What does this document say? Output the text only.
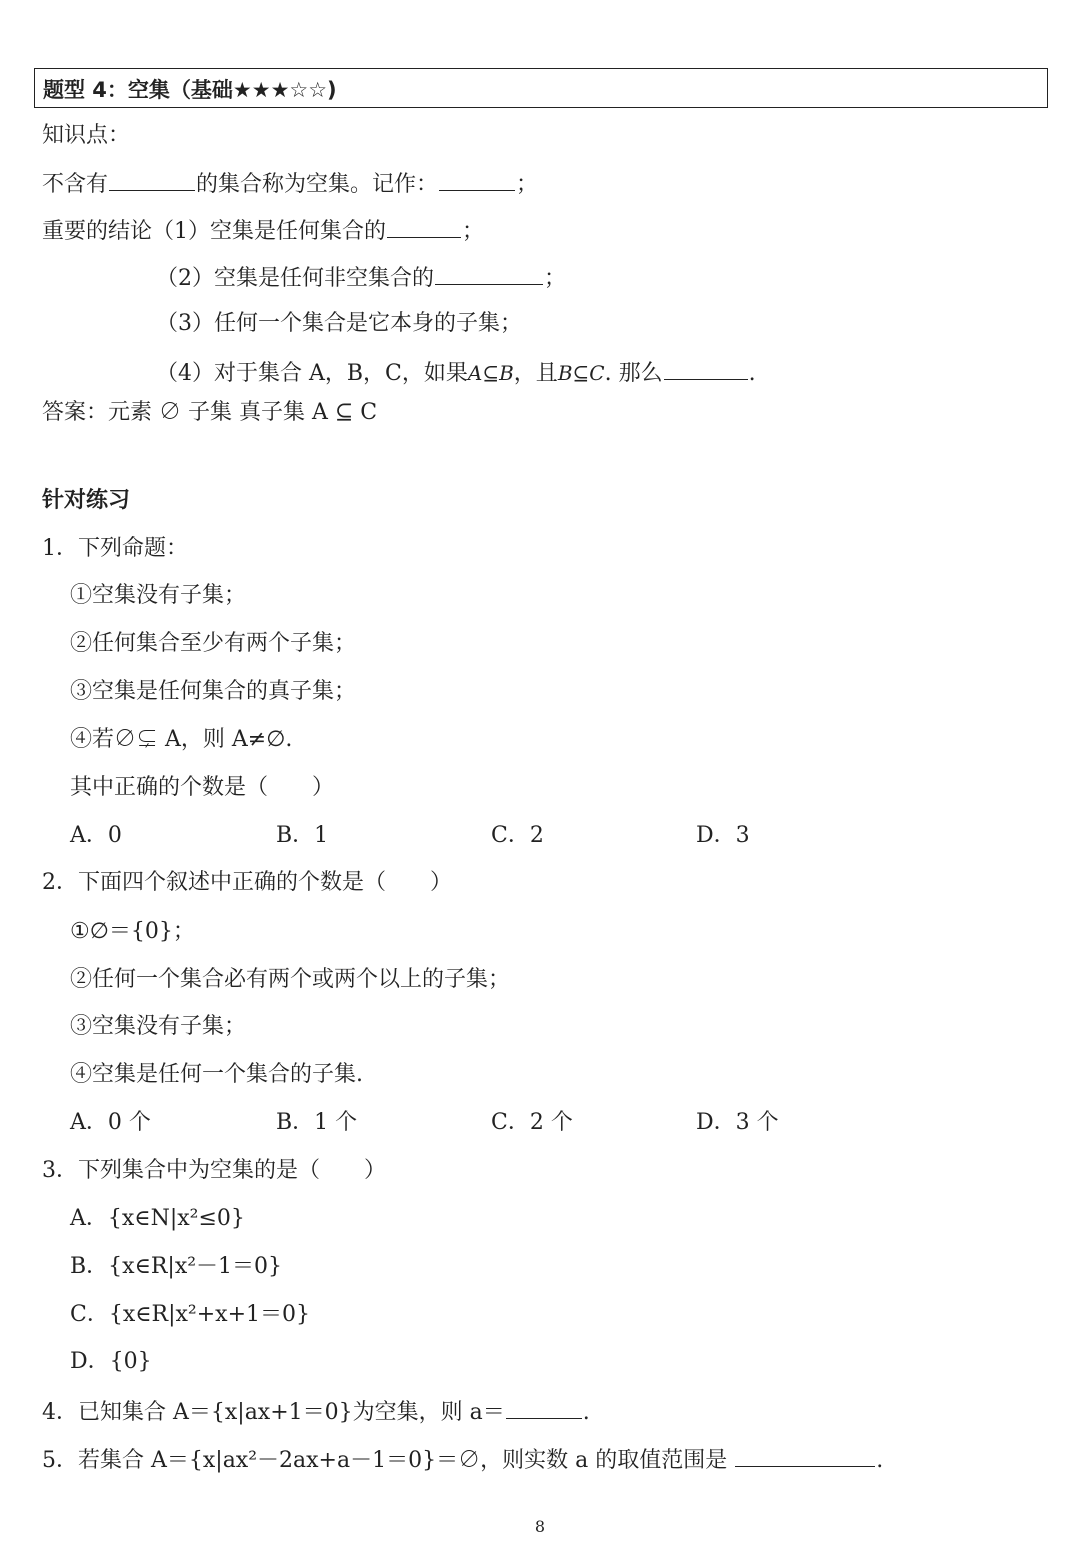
题型 4：空集（基础★★★☆☆)
知识点：
不含有	的集合称为空集。记作：	；
重要的结论（1）空集是任何集合的	；
（2）空集是任何非空集合的	；
（3）任何一个集合是它本身的子集；
（4）对于集合 A，B，C，如果A⊆B，且B⊆C. 那么	.
答案：元素 ∅ 子集 真子集 A ⊆ C
针对练习
1．下列命题：
①空集没有子集；
②任何集合至少有两个子集；
③空集是任何集合的真子集；
④若∅⊊ A，则 A≠∅.
其中正确的个数是（　　）
A．0	B．1	C．2	D．3
2．下面四个叙述中正确的个数是（　　）
①∅＝{0}；
②任何一个集合必有两个或两个以上的子集；
③空集没有子集；
④空集是任何一个集合的子集.
A．0 个	B．1 个	C．2 个	D．3 个
3．下列集合中为空集的是（　　）
A．{x∈N|x²≤0}
B．{x∈R|x²－1＝0}
C．{x∈R|x²+x+1＝0}
D．{0}
4．已知集合 A＝{x|ax+1＝0}为空集，则 a＝	.
5．若集合 A＝{x|ax²－2ax+a－1＝0}＝∅，则实数 a 的取值范围是	.
8
